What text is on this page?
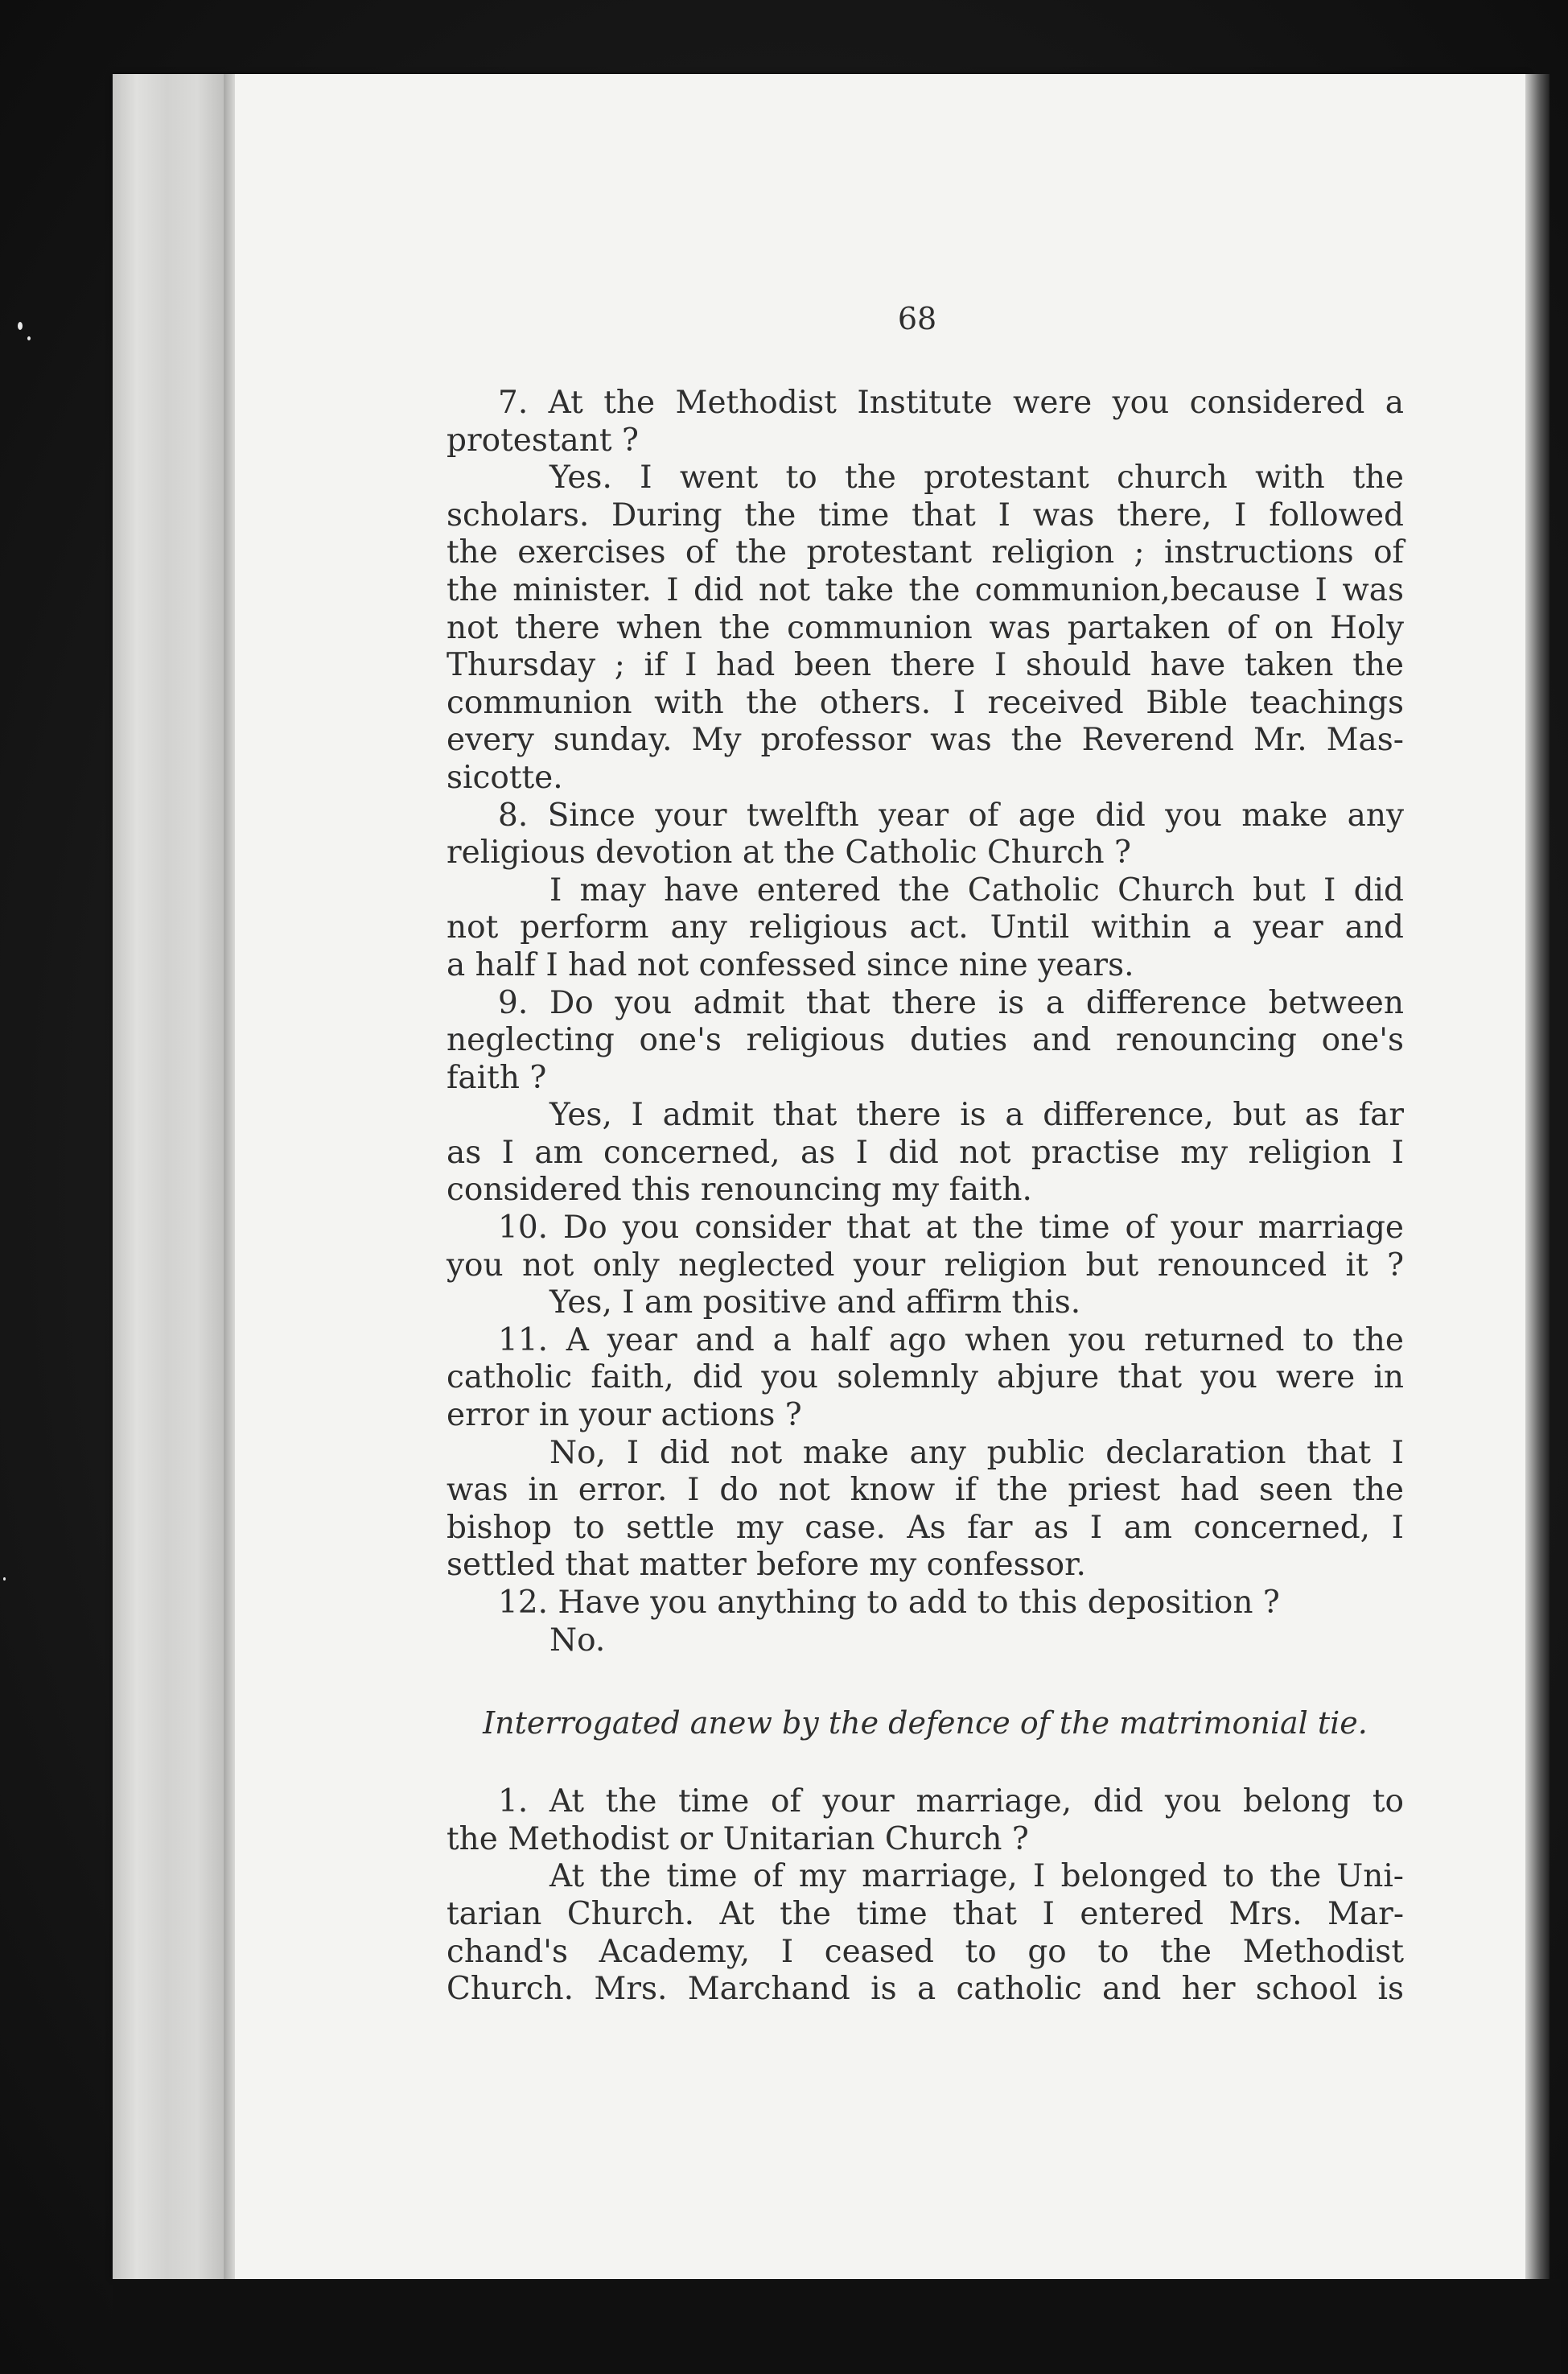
68
7. At the Methodist Institute were you considered a
protestant ?
Yes. I went to the protestant church with the
scholars. During the time that I was there, I followed
the exercises of the protestant religion ; instructions of
the minister. I did not take the communion,because I was
not there when the communion was partaken of on Holy
Thursday ; if I had been there I should have taken the
communion with the others. I received Bible teachings
every sunday. My professor was the Reverend Mr. Mas-
sicotte.
8. Since your twelfth year of age did you make any
religious devotion at the Catholic Church ?
I may have entered the Catholic Church but I did
not perform any religious act. Until within a year and
a half I had not confessed since nine years.
9. Do you admit that there is a difference between
neglecting one's religious duties and renouncing one's
faith ?
Yes, I admit that there is a difference, but as far
as I am concerned, as I did not practise my religion I
considered this renouncing my faith.
10. Do you consider that at the time of your marriage
you not only neglected your religion but renounced it ?
Yes, I am positive and affirm this.
11. A year and a half ago when you returned to the
catholic faith, did you solemnly abjure that you were in
error in your actions ?
No, I did not make any public declaration that I
was in error. I do not know if the priest had seen the
bishop to settle my case. As far as I am concerned, I
settled that matter before my confessor.
12. Have you anything to add to this deposition ?
No.
Interrogated anew by the defence of the matrimonial tie.
1. At the time of your marriage, did you belong to
the Methodist or Unitarian Church ?
At the time of my marriage, I belonged to the Uni-
tarian Church. At the time that I entered Mrs. Mar-
chand's Academy, I ceased to go to the Methodist
Church. Mrs. Marchand is a catholic and her school is
